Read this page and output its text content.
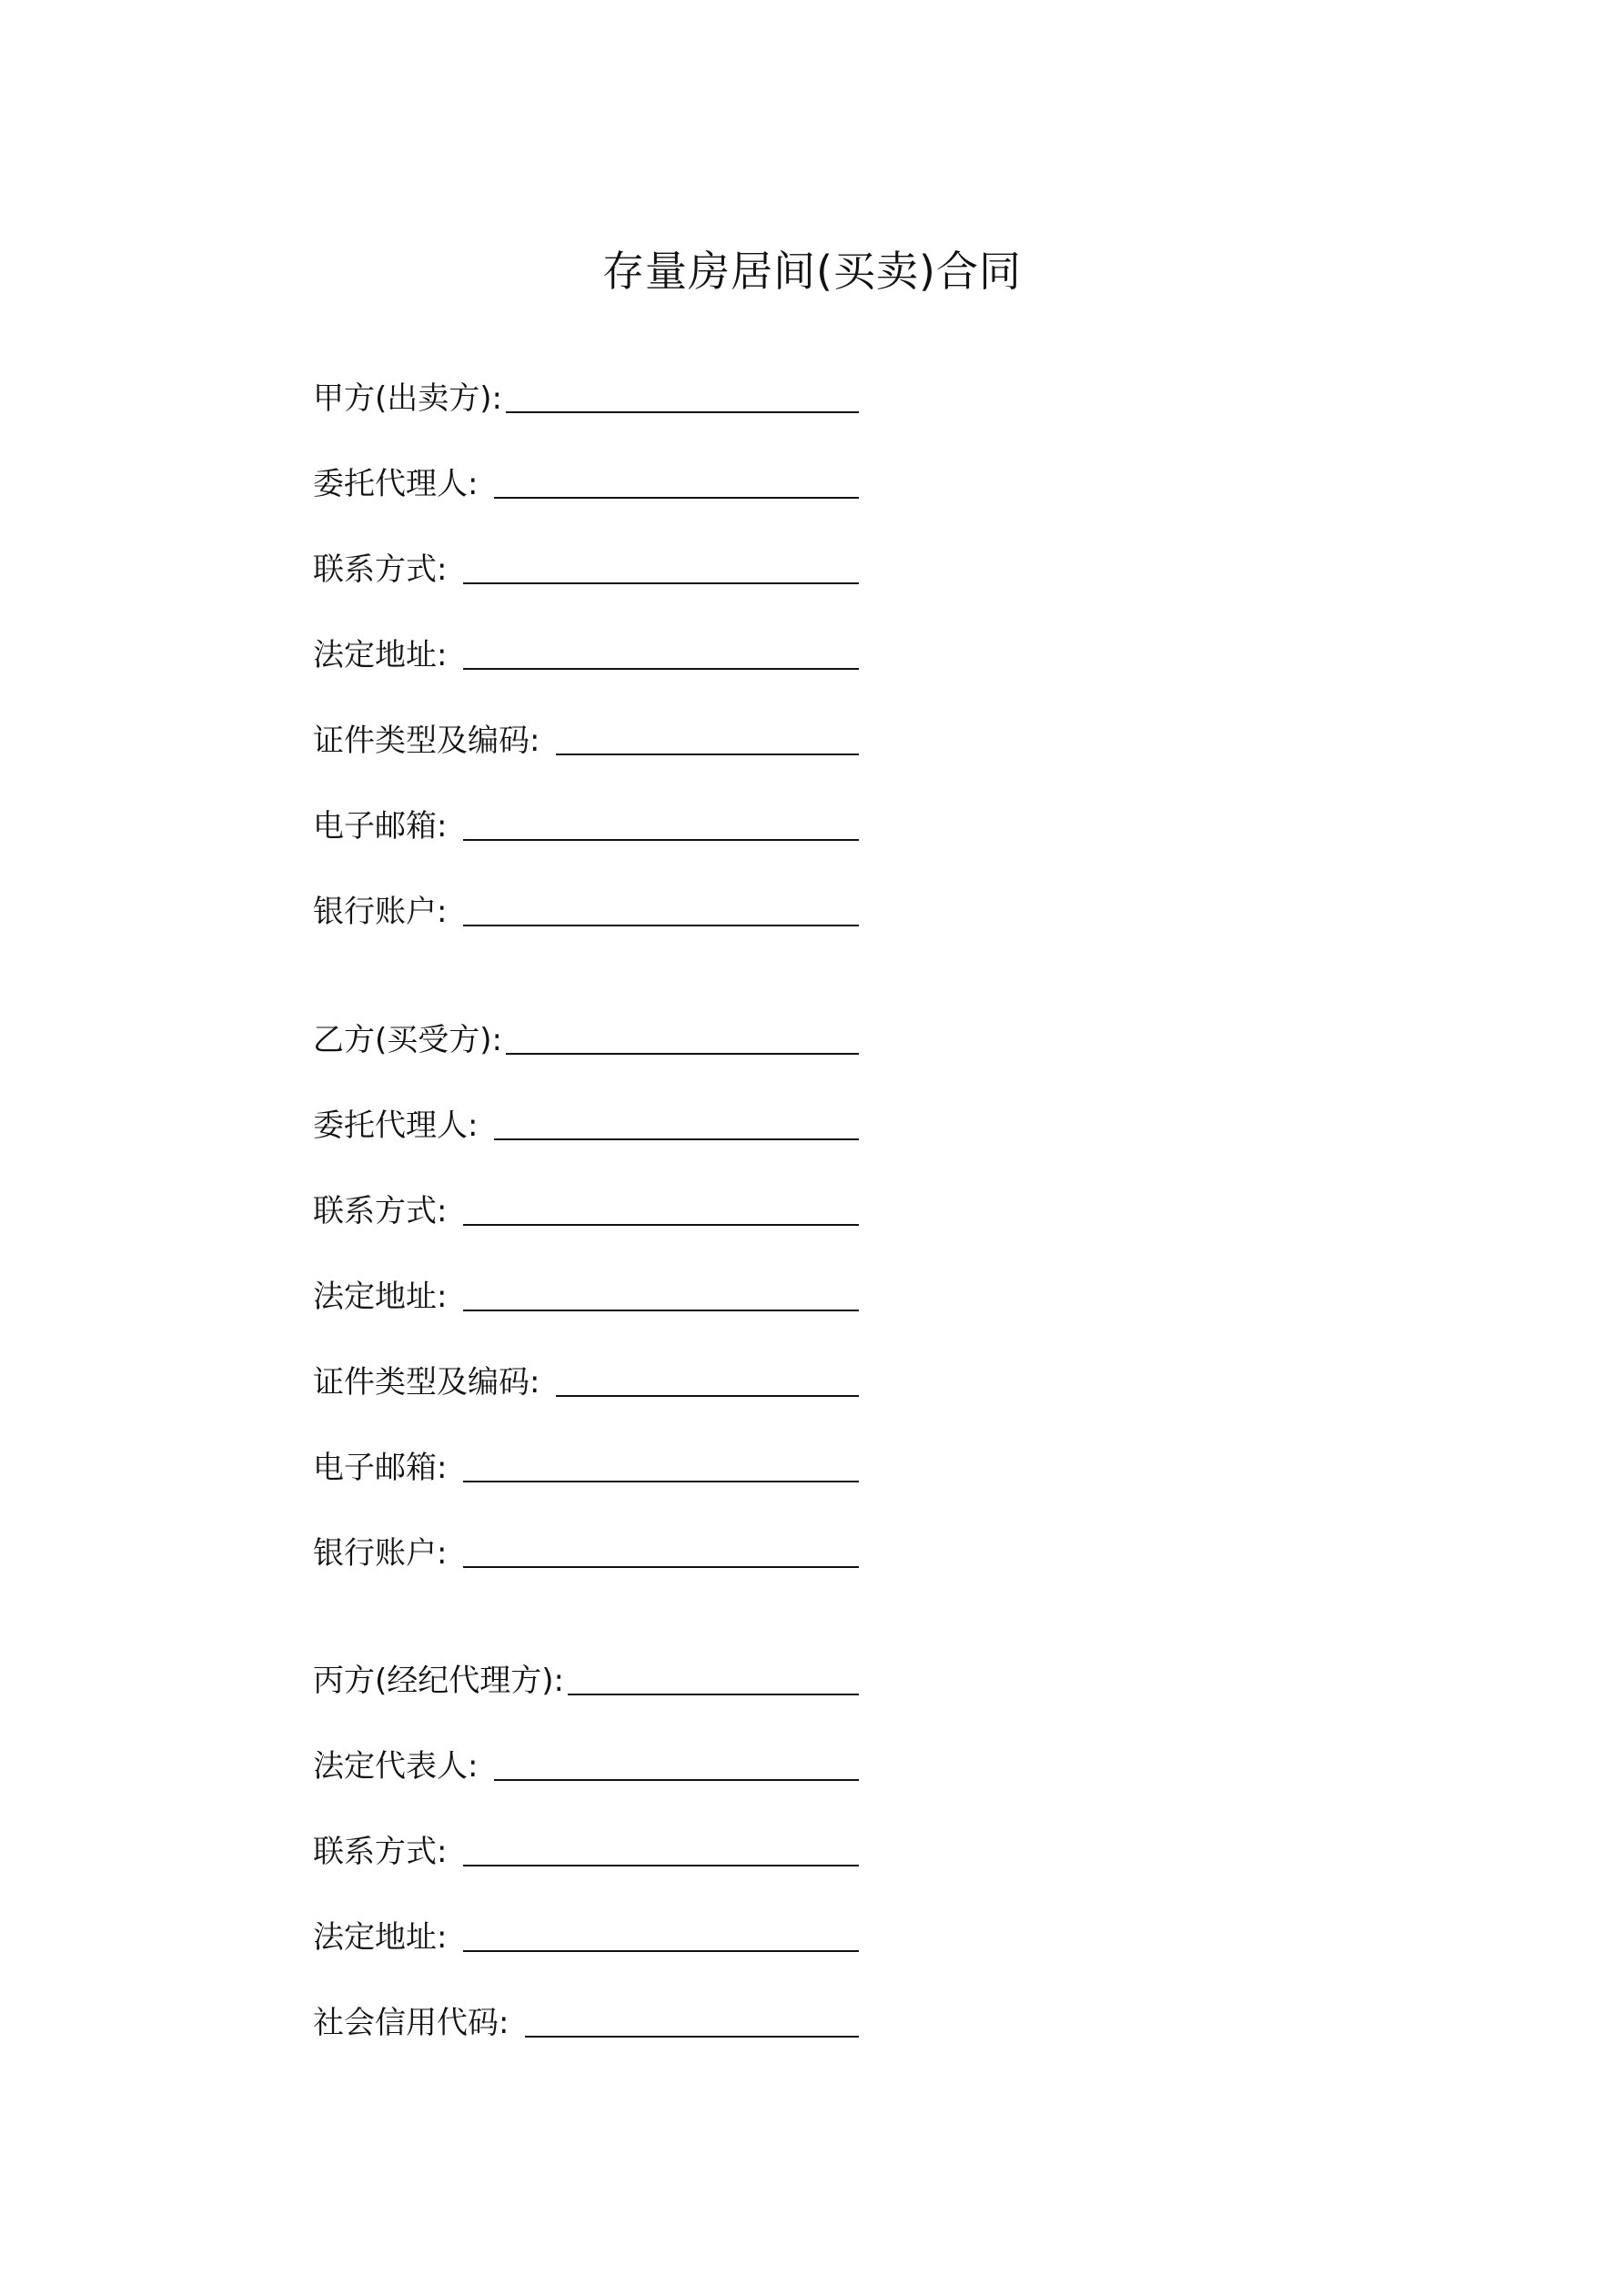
存量房居间(买卖)合同
甲方(出卖方):
委托代理人:
联系方式:
法定地址:
证件类型及编码:
电子邮箱:
银行账户:
乙方(买受方):
委托代理人:
联系方式:
法定地址:
证件类型及编码:
电子邮箱:
银行账户:
丙方(经纪代理方):
法定代表人:
联系方式:
法定地址:
社会信用代码:
